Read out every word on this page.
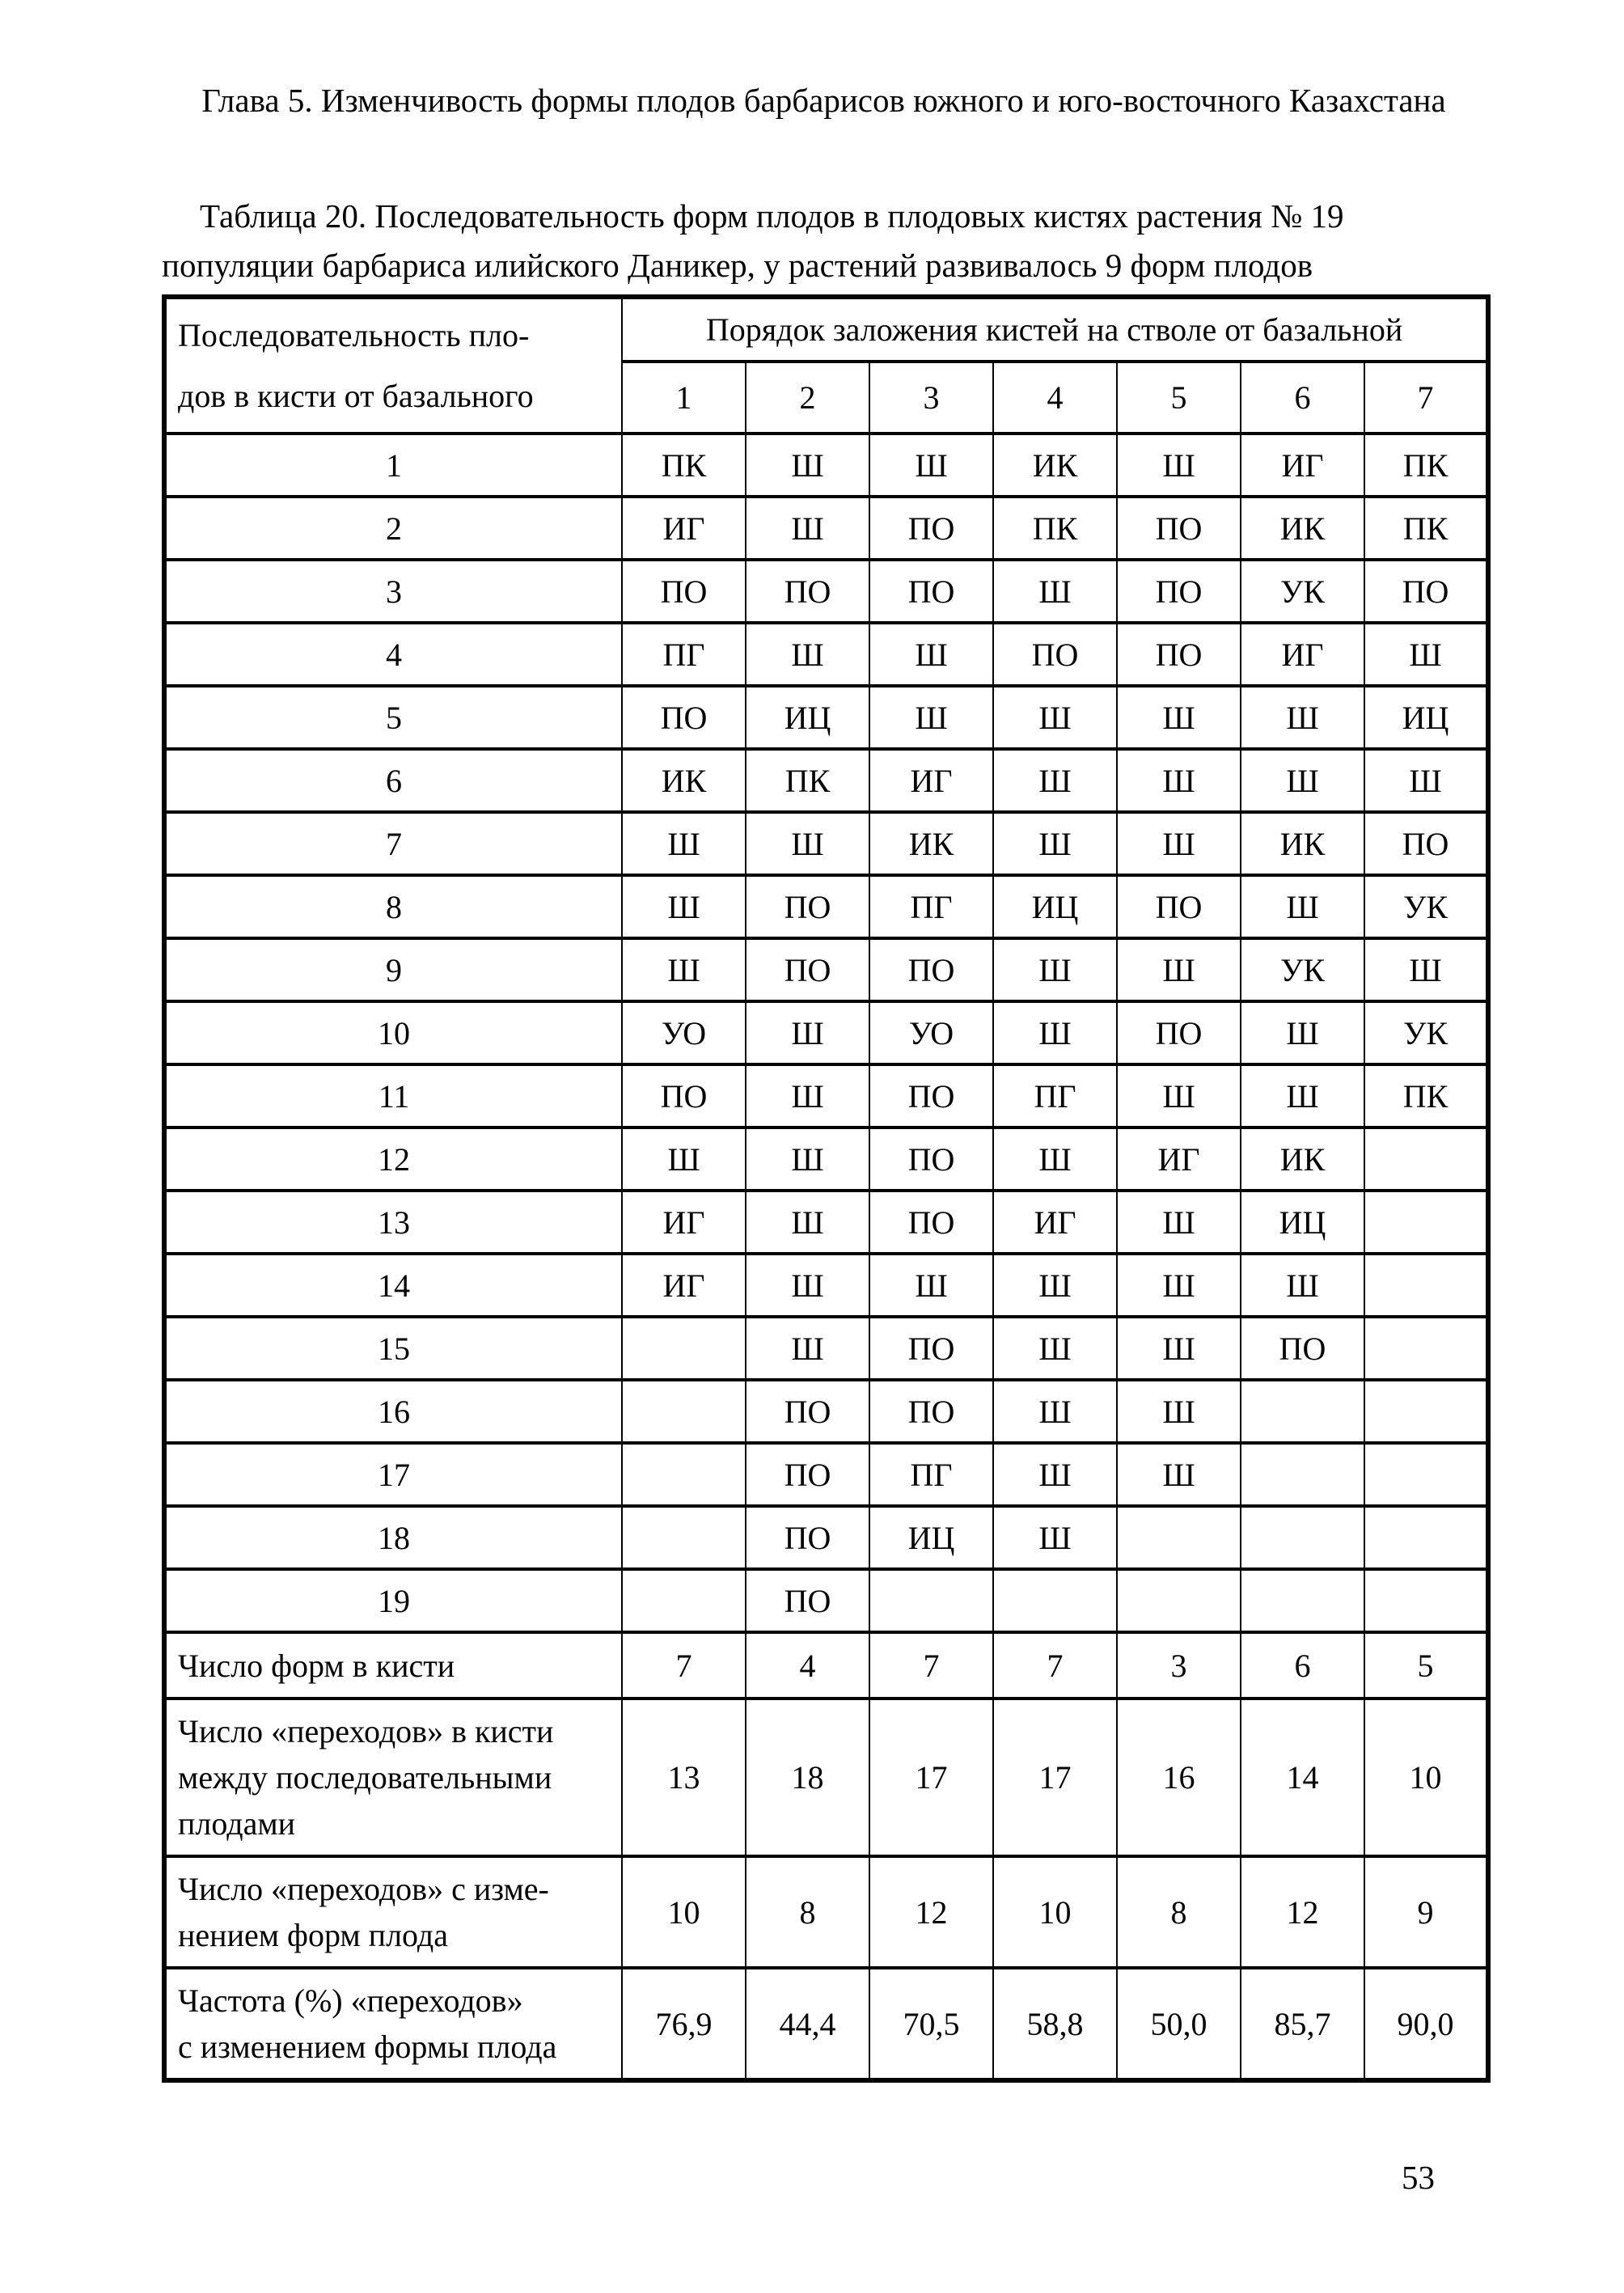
Глава 5. Изменчивость формы плодов барбарисов южного и юго-восточного Казахстана
Таблица 20. Последовательность форм плодов в плодовых кистях растения № 19
популяции барбариса илийского Даникер, у растений развивалось 9 форм плодов
Последовательность пло-
дов в кисти от базального	Порядок заложения кистей на стволе от базальной						
	1	2	3	4	5	6	7
1	ПК	Ш	Ш	ИК	Ш	ИГ	ПК
2	ИГ	Ш	ПО	ПК	ПО	ИК	ПК
3	ПО	ПО	ПО	Ш	ПО	УК	ПО
4	ПГ	Ш	Ш	ПО	ПО	ИГ	Ш
5	ПО	ИЦ	Ш	Ш	Ш	Ш	ИЦ
6	ИК	ПК	ИГ	Ш	Ш	Ш	Ш
7	Ш	Ш	ИК	Ш	Ш	ИК	ПО
8	Ш	ПО	ПГ	ИЦ	ПО	Ш	УК
9	Ш	ПО	ПО	Ш	Ш	УК	Ш
10	УО	Ш	УО	Ш	ПО	Ш	УК
11	ПО	Ш	ПО	ПГ	Ш	Ш	ПК
12	Ш	Ш	ПО	Ш	ИГ	ИК	
13	ИГ	Ш	ПО	ИГ	Ш	ИЦ	
14	ИГ	Ш	Ш	Ш	Ш	Ш	
15		Ш	ПО	Ш	Ш	ПО	
16		ПО	ПО	Ш	Ш		
17		ПО	ПГ	Ш	Ш		
18		ПО	ИЦ	Ш			
19		ПО					

Число форм в кисти	7	4	7	7	3	6	5

Число «переходов» в кисти
между последовательными
плодами	13	18	17	17	16	14	10

Число «переходов» с изме-
нением форм плода	10	8	12	10	8	12	9

Частота (%) «переходов»
с изменением формы плода	76,9	44,4	70,5	58,8	50,0	85,7	90,0
53
